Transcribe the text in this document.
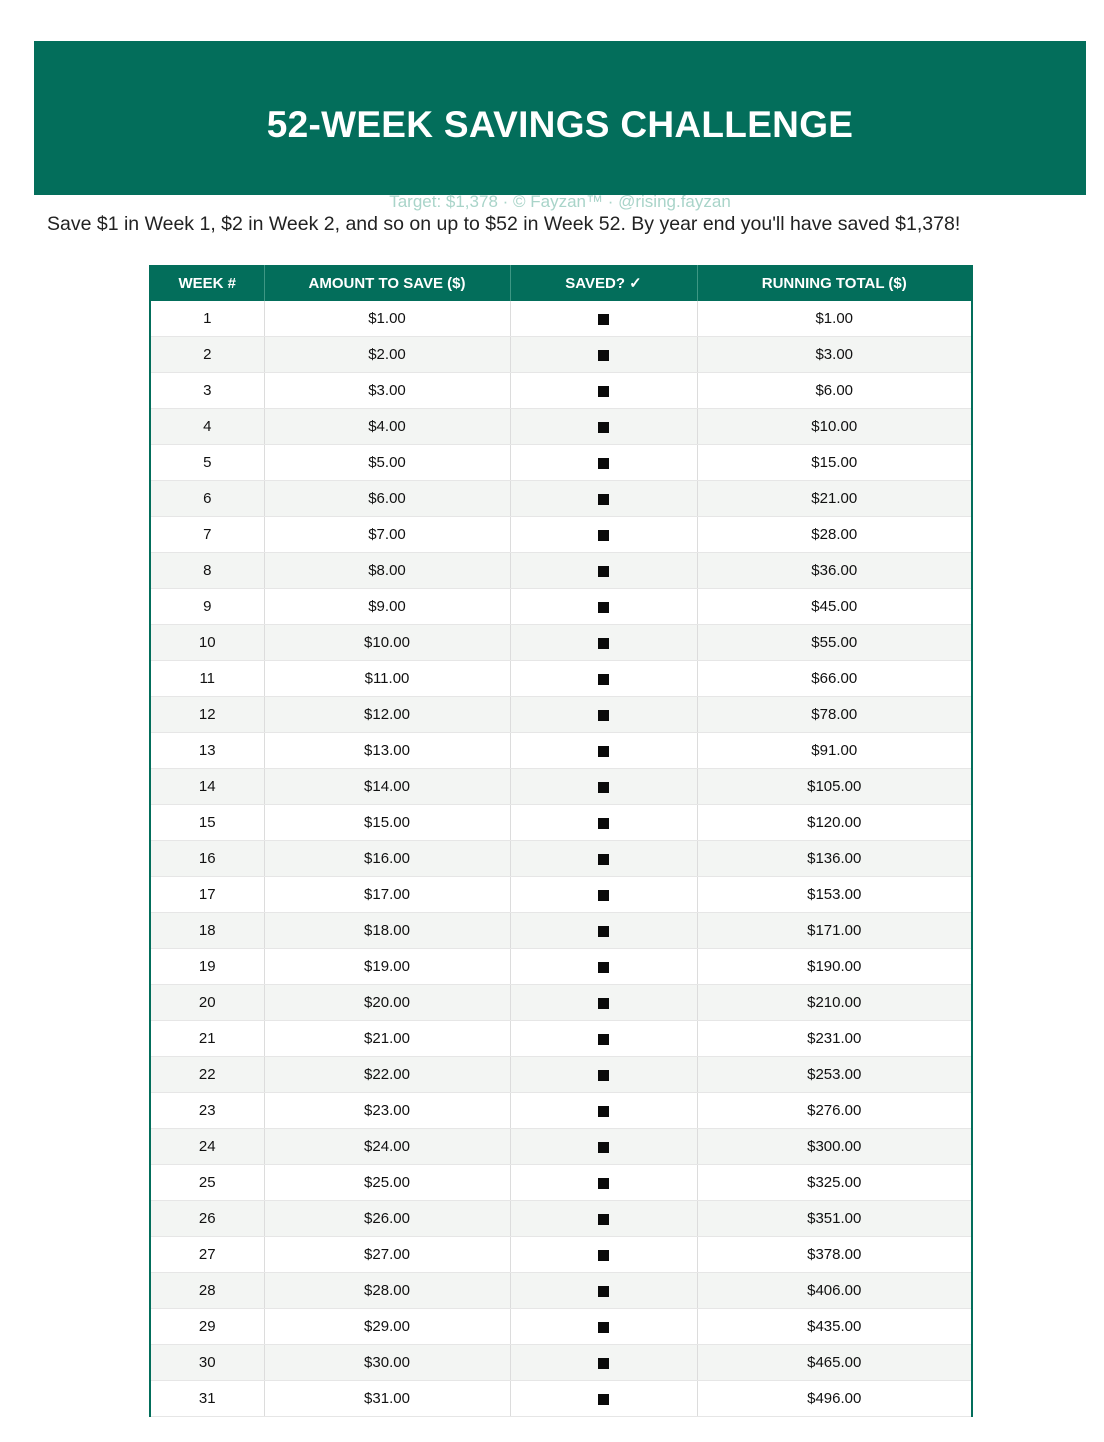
52-WEEK SAVINGS CHALLENGE
Target: $1,378 · © Fayzan™ · @rising.fayzan
Save $1 in Week 1, $2 in Week 2, and so on up to $52 in Week 52. By year end you'll have saved $1,378!
WEEK #	AMOUNT TO SAVE ($)	SAVED? ✓	RUNNING TOTAL ($)
1	$1.00		$1.00
2	$2.00		$3.00
3	$3.00		$6.00
4	$4.00		$10.00
5	$5.00		$15.00
6	$6.00		$21.00
7	$7.00		$28.00
8	$8.00		$36.00
9	$9.00		$45.00
10	$10.00		$55.00
11	$11.00		$66.00
12	$12.00		$78.00
13	$13.00		$91.00
14	$14.00		$105.00
15	$15.00		$120.00
16	$16.00		$136.00
17	$17.00		$153.00
18	$18.00		$171.00
19	$19.00		$190.00
20	$20.00		$210.00
21	$21.00		$231.00
22	$22.00		$253.00
23	$23.00		$276.00
24	$24.00		$300.00
25	$25.00		$325.00
26	$26.00		$351.00
27	$27.00		$378.00
28	$28.00		$406.00
29	$29.00		$435.00
30	$30.00		$465.00
31	$31.00		$496.00
